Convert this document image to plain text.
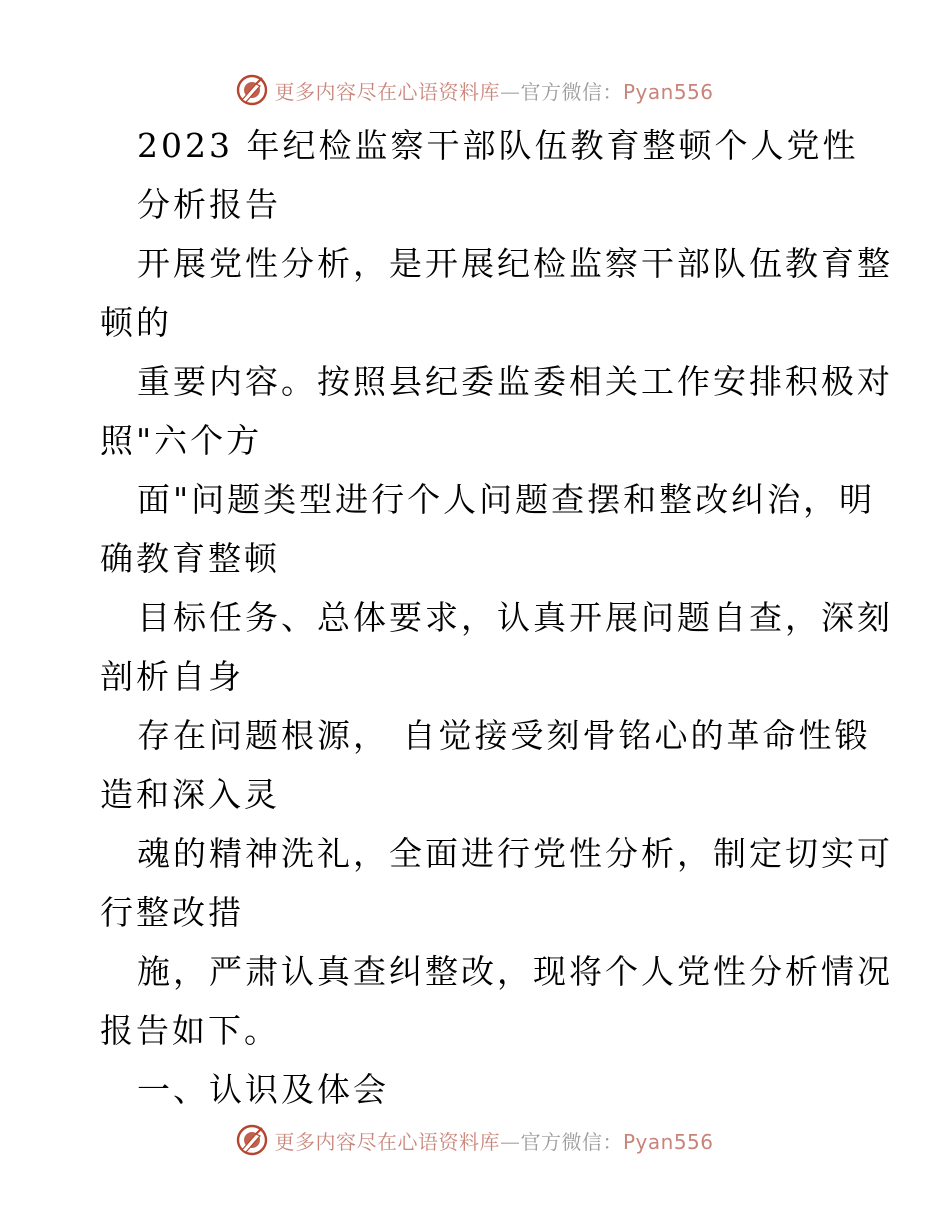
更多内容尽在心语资料库—官方微信：Pyan556
2023 年纪检监察干部队伍教育整顿个人党性
分析报告
开展党性分析，是开展纪检监察干部队伍教育整
顿的
重要内容。按照县纪委监委相关工作安排积极对
照"六个方
面"问题类型进行个人问题查摆和整改纠治，明
确教育整顿
目标任务、总体要求，认真开展问题自查，深刻
剖析自身
存在问题根源， 自觉接受刻骨铭心的革命性锻
造和深入灵
魂的精神洗礼，全面进行党性分析，制定切实可
行整改措
施，严肃认真查纠整改，现将个人党性分析情况
报告如下。
一、认识及体会
更多内容尽在心语资料库—官方微信：Pyan556
